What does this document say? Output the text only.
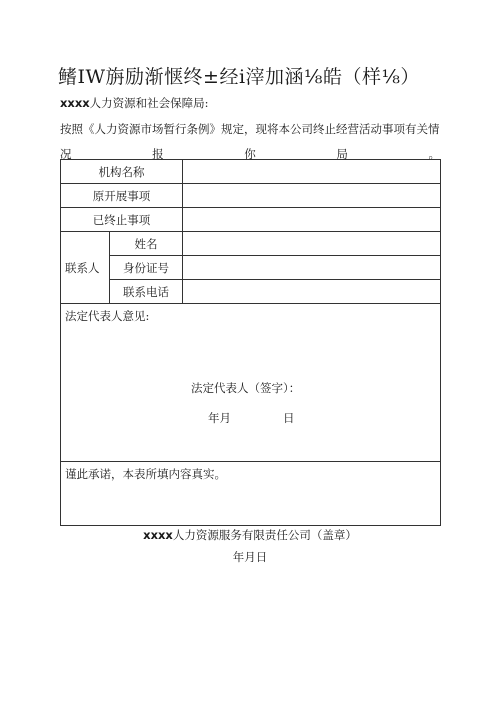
鳍ⅠW旃励渐惬终±经ⅰ滓加涵⅛皓（样⅛）
xxxx人力资源和社会保障局:
按照《人力资源市场暂行条例》规定，现将本公司终止经营活动事项有关情
况	报	你	局	。
机构名称		
原开展事项		
已终止事项		
联系人	姓名	
	身份证号	
	联系电话	

法定代表人意见:
法定代表人（签字）：
年月 日		

谨此承诺，本表所填内容真实。		
xxxx人力资源服务有限责任公司（盖章）
年月日
